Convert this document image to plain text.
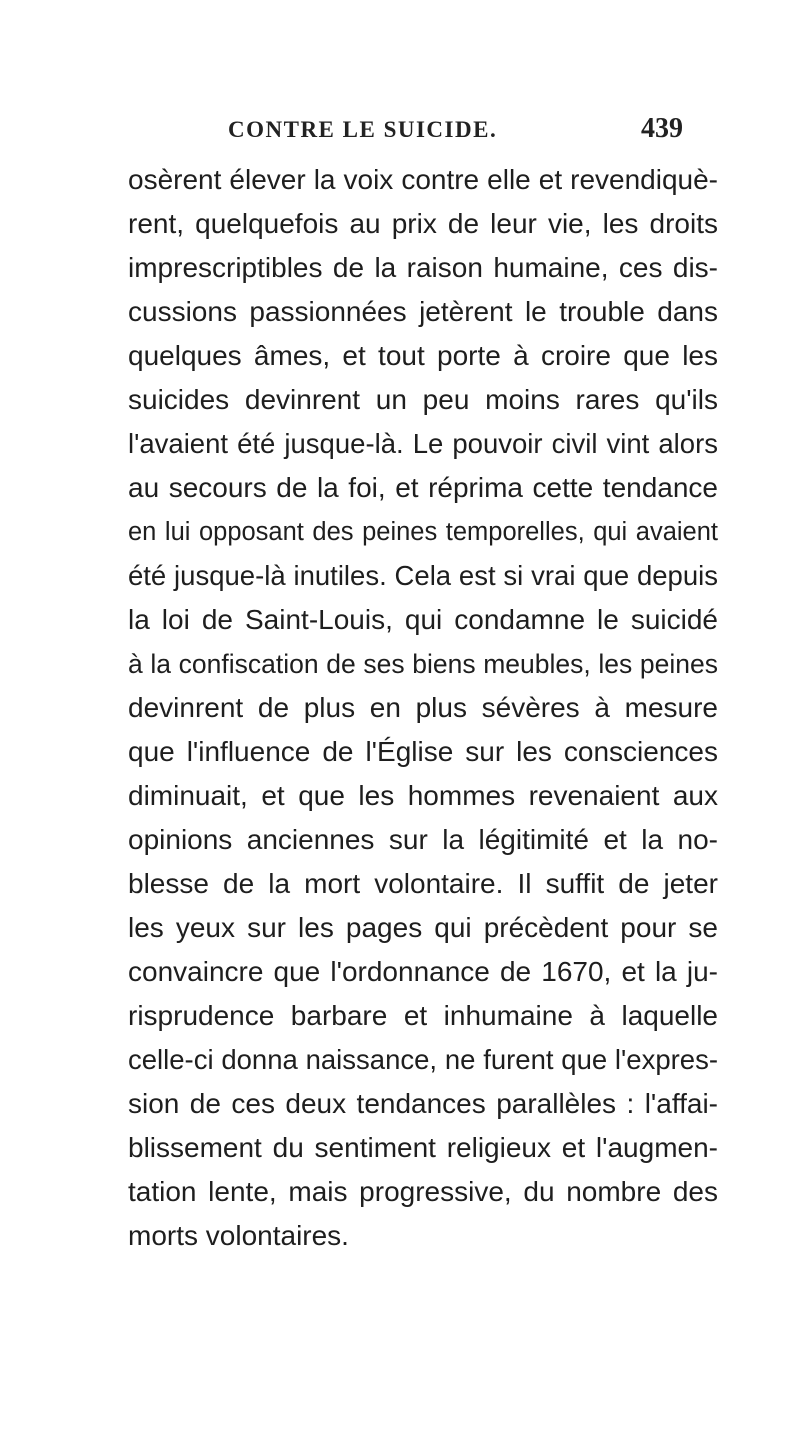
CONTRE LE SUICIDE.	439
osèrent élever la voix contre elle et revendiquè-
rent, quelquefois au prix de leur vie, les droits
imprescriptibles de la raison humaine, ces dis-
cussions passionnées jetèrent le trouble dans
quelques âmes, et tout porte à croire que les
suicides devinrent un peu moins rares qu'ils
l'avaient été jusque-là. Le pouvoir civil vint alors
au secours de la foi, et réprima cette tendance
en lui opposant des peines temporelles, qui avaient
été jusque-là inutiles. Cela est si vrai que depuis
la loi de Saint-Louis, qui condamne le suicidé
à la confiscation de ses biens meubles, les peines
devinrent de plus en plus sévères à mesure
que l'influence de l'Église sur les consciences
diminuait, et que les hommes revenaient aux
opinions anciennes sur la légitimité et la no-
blesse de la mort volontaire. Il suffit de jeter
les yeux sur les pages qui précèdent pour se
convaincre que l'ordonnance de 1670, et la ju-
risprudence barbare et inhumaine à laquelle
celle-ci donna naissance, ne furent que l'expres-
sion de ces deux tendances parallèles : l'affai-
blissement du sentiment religieux et l'augmen-
tation lente, mais progressive, du nombre des
morts volontaires.
